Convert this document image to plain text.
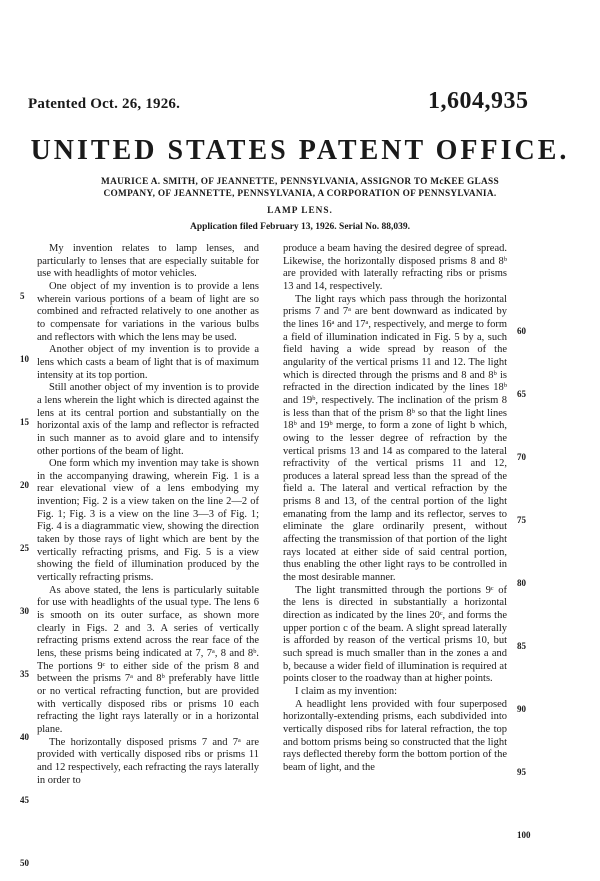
Patented Oct. 26, 1926.	1,604,935
UNITED STATES PATENT OFFICE.
MAURICE A. SMITH, OF JEANNETTE, PENNSYLVANIA, ASSIGNOR TO McKEE GLASS
COMPANY, OF JEANNETTE, PENNSYLVANIA, A CORPORATION OF PENNSYLVANIA.
LAMP LENS.
Application filed February 13, 1926. Serial No. 88,039.

My invention relates to lamp lenses, and particularly to lenses that are especially suitable for use with headlights of motor vehicles.

One object of my invention is to provide a lens wherein various portions of a beam of light are so combined and refracted relatively to one another as to compensate for variations in the various bulbs and reflectors with which the lens may be used.

Another object of my invention is to provide a lens which casts a beam of light that is of maximum intensity at its top portion.

Still another object of my invention is to provide a lens wherein the light which is directed against the lens at its central portion and substantially on the horizontal axis of the lamp and reflector is refracted in such manner as to avoid glare and to intensify other portions of the beam of light.

One form which my invention may take is shown in the accompanying drawing, wherein Fig. 1 is a rear elevational view of a lens embodying my invention; Fig. 2 is a view taken on the line 2—2 of Fig. 1; Fig. 3 is a view on the line 3—3 of Fig. 1; Fig. 4 is a diagrammatic view, showing the direction taken by those rays of light which are bent by the vertically refracting prisms, and Fig. 5 is a view showing the field of illumination produced by the vertically refracting prisms.

As above stated, the lens is particularly suitable for use with headlights of the usual type. The lens 6 is smooth on its outer surface, as shown more clearly in Figs. 2 and 3. A series of vertically refracting prisms extend across the rear face of the lens, these prisms being indicated at 7, 7ᵃ, 8 and 8ᵇ. The portions 9ᶜ to either side of the prism 8 and between the prisms 7ᵃ and 8ᵇ preferably have little or no vertical refracting function, but are provided with vertically disposed ribs or prisms 10 each refracting the light rays laterally or in a horizontal plane.

The horizontally disposed prisms 7 and 7ᵃ are provided with vertically disposed ribs or prisms 11 and 12 respectively, each refracting the rays laterally in order to

produce a beam having the desired degree of spread. Likewise, the horizontally disposed prisms 8 and 8ᵇ are provided with laterally refracting ribs or prisms 13 and 14, respectively.

The light rays which pass through the horizontal prisms 7 and 7ᵃ are bent downward as indicated by the lines 16ᵃ and 17ᵃ, respectively, and merge to form a field of illumination indicated in Fig. 5 by a, such field having a wide spread by reason of the angularity of the vertical prisms 11 and 12. The light which is directed through the prisms and 8 and 8ᵇ is refracted in the direction indicated by the lines 18ᵇ and 19ᵇ, respectively. The inclination of the prism 8 is less than that of the prism 8ᵇ so that the light lines 18ᵇ and 19ᵇ merge, to form a zone of light b which, owing to the lesser degree of refraction by the vertical prisms 13 and 14 as compared to the lateral refractivity of the vertical prisms 11 and 12, produces a lateral spread less than the spread of the field a. The lateral and vertical refraction by the prisms 8 and 13, of the central portion of the light emanating from the lamp and its reflector, serves to eliminate the glare ordinarily present, without affecting the transmission of that portion of the light rays located at either side of said central portion, thus enabling the other light rays to be controlled in the most desirable manner.

The light transmitted through the portions 9ᶜ of the lens is directed in substantially a horizontal direction as indicated by the lines 20ᶜ, and forms the upper portion c of the beam. A slight spread laterally is afforded by reason of the vertical prisms 10, but such spread is much smaller than in the zones a and b, because a wider field of illumination is required at points closer to the roadway than at higher points.

I claim as my invention:

A headlight lens provided with four superposed horizontally-extending prisms, each subdivided into vertically disposed ribs for lateral refraction, the top and bottom prisms being so constructed that the light rays deflected thereby form the bottom portion of the beam of light, and the

5
10
15
20
25
30
35
40
45
50
60
65
70
75
80
85
90
95
100
